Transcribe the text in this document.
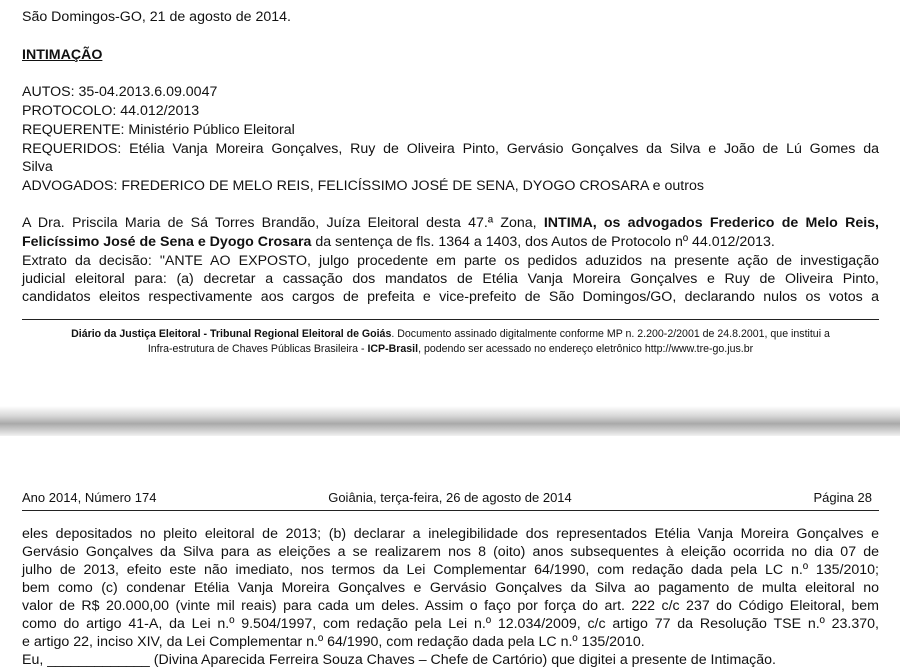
São Domingos-GO, 21 de agosto de 2014.
INTIMAÇÃO
AUTOS: 35-04.2013.6.09.0047
PROTOCOLO: 44.012/2013
REQUERENTE: Ministério Público Eleitoral
REQUERIDOS: Etélia Vanja Moreira Gonçalves, Ruy de Oliveira Pinto, Gervásio Gonçalves da Silva e João de Lú Gomes da
Silva
ADVOGADOS: FREDERICO DE MELO REIS, FELICÍSSIMO JOSÉ DE SENA, DYOGO CROSARA e outros
A Dra. Priscila Maria de Sá Torres Brandão, Juíza Eleitoral desta 47.ª Zona, INTIMA, os advogados Frederico de Melo Reis,
Felicíssimo José de Sena e Dyogo Crosara da sentença de fls. 1364 a 1403, dos Autos de Protocolo nº 44.012/2013.
Extrato da decisão: "ANTE AO EXPOSTO, julgo procedente em parte os pedidos aduzidos na presente ação de investigação
judicial eleitoral para: (a) decretar a cassação dos mandatos de Etélia Vanja Moreira Gonçalves e Ruy de Oliveira Pinto,
candidatos eleitos respectivamente aos cargos de prefeita e vice-prefeito de São Domingos/GO, declarando nulos os votos a
Diário da Justiça Eleitoral - Tribunal Regional Eleitoral de Goiás. Documento assinado digitalmente conforme MP n. 2.200-2/2001 de 24.8.2001, que institui a
Infra-estrutura de Chaves Públicas Brasileira - ICP-Brasil, podendo ser acessado no endereço eletrônico http://www.tre-go.jus.br
Ano 2014, Número 174	Goiânia, terça-feira, 26 de agosto de 2014	Página 28
eles depositados no pleito eleitoral de 2013; (b) declarar a inelegibilidade dos representados Etélia Vanja Moreira Gonçalves e
Gervásio Gonçalves da Silva para as eleições a se realizarem nos 8 (oito) anos subsequentes à eleição ocorrida no dia 07 de
julho de 2013, efeito este não imediato, nos termos da Lei Complementar 64/1990, com redação dada pela LC n.º 135/2010;
bem como (c) condenar Etélia Vanja Moreira Gonçalves e Gervásio Gonçalves da Silva ao pagamento de multa eleitoral no
valor de R$ 20.000,00 (vinte mil reais) para cada um deles. Assim o faço por força do art. 222 c/c 237 do Código Eleitoral, bem
como do artigo 41-A, da Lei n.º 9.504/1997, com redação pela Lei n.º 12.034/2009, c/c artigo 77 da Resolução TSE n.º 23.370,
e artigo 22, inciso XIV, da Lei Complementar n.º 64/1990, com redação dada pela LC n.º 135/2010.
Eu, _____________ (Divina Aparecida Ferreira Souza Chaves – Chefe de Cartório) que digitei a presente de Intimação.
